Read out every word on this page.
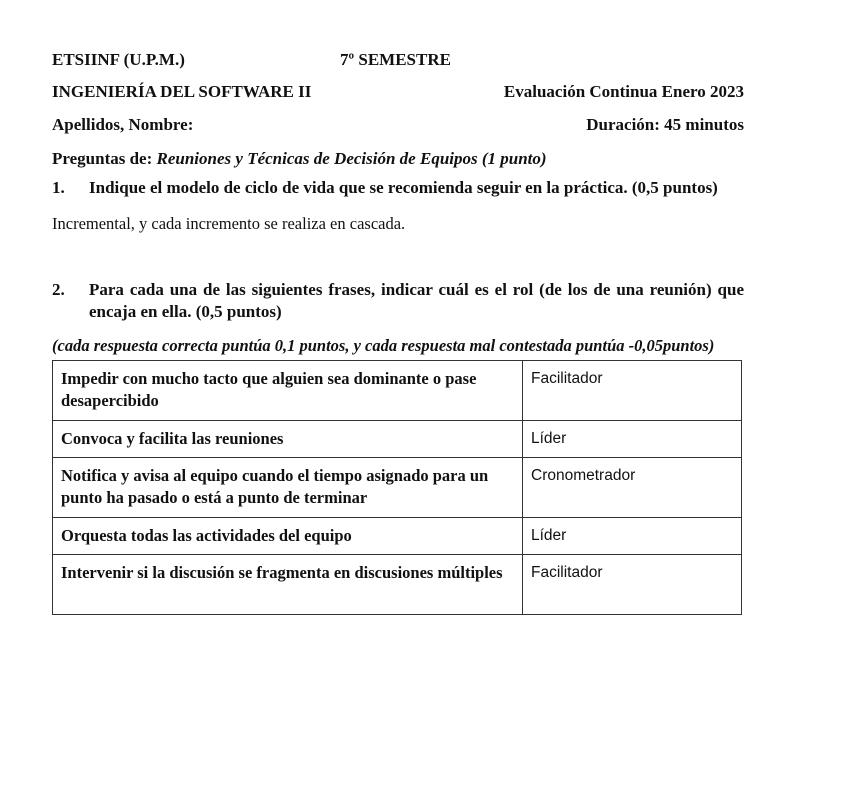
ETSIINF (U.P.M.)	7º SEMESTRE
INGENIERÍA DEL SOFTWARE II	Evaluación Continua Enero 2023
Apellidos, Nombre:	Duración: 45 minutos
Preguntas de: Reuniones y Técnicas de Decisión de Equipos (1 punto)
1. Indique el modelo de ciclo de vida que se recomienda seguir en la práctica. (0,5 puntos)
Incremental, y cada incremento se realiza en cascada.
2. Para cada una de las siguientes frases, indicar cuál es el rol (de los de una reunión) que encaja en ella. (0,5 puntos)
(cada respuesta correcta puntúa 0,1 puntos, y cada respuesta mal contestada puntúa -0,05puntos)
Impedir con mucho tacto que alguien sea dominante o pase desapercibido	Facilitador
Convoca y facilita las reuniones	Líder
Notifica y avisa al equipo cuando el tiempo asignado para un punto ha pasado o está a punto de terminar	Cronometrador
Orquesta todas las actividades del equipo	Líder
Intervenir si la discusión se fragmenta en discusiones múltiples	Facilitador
